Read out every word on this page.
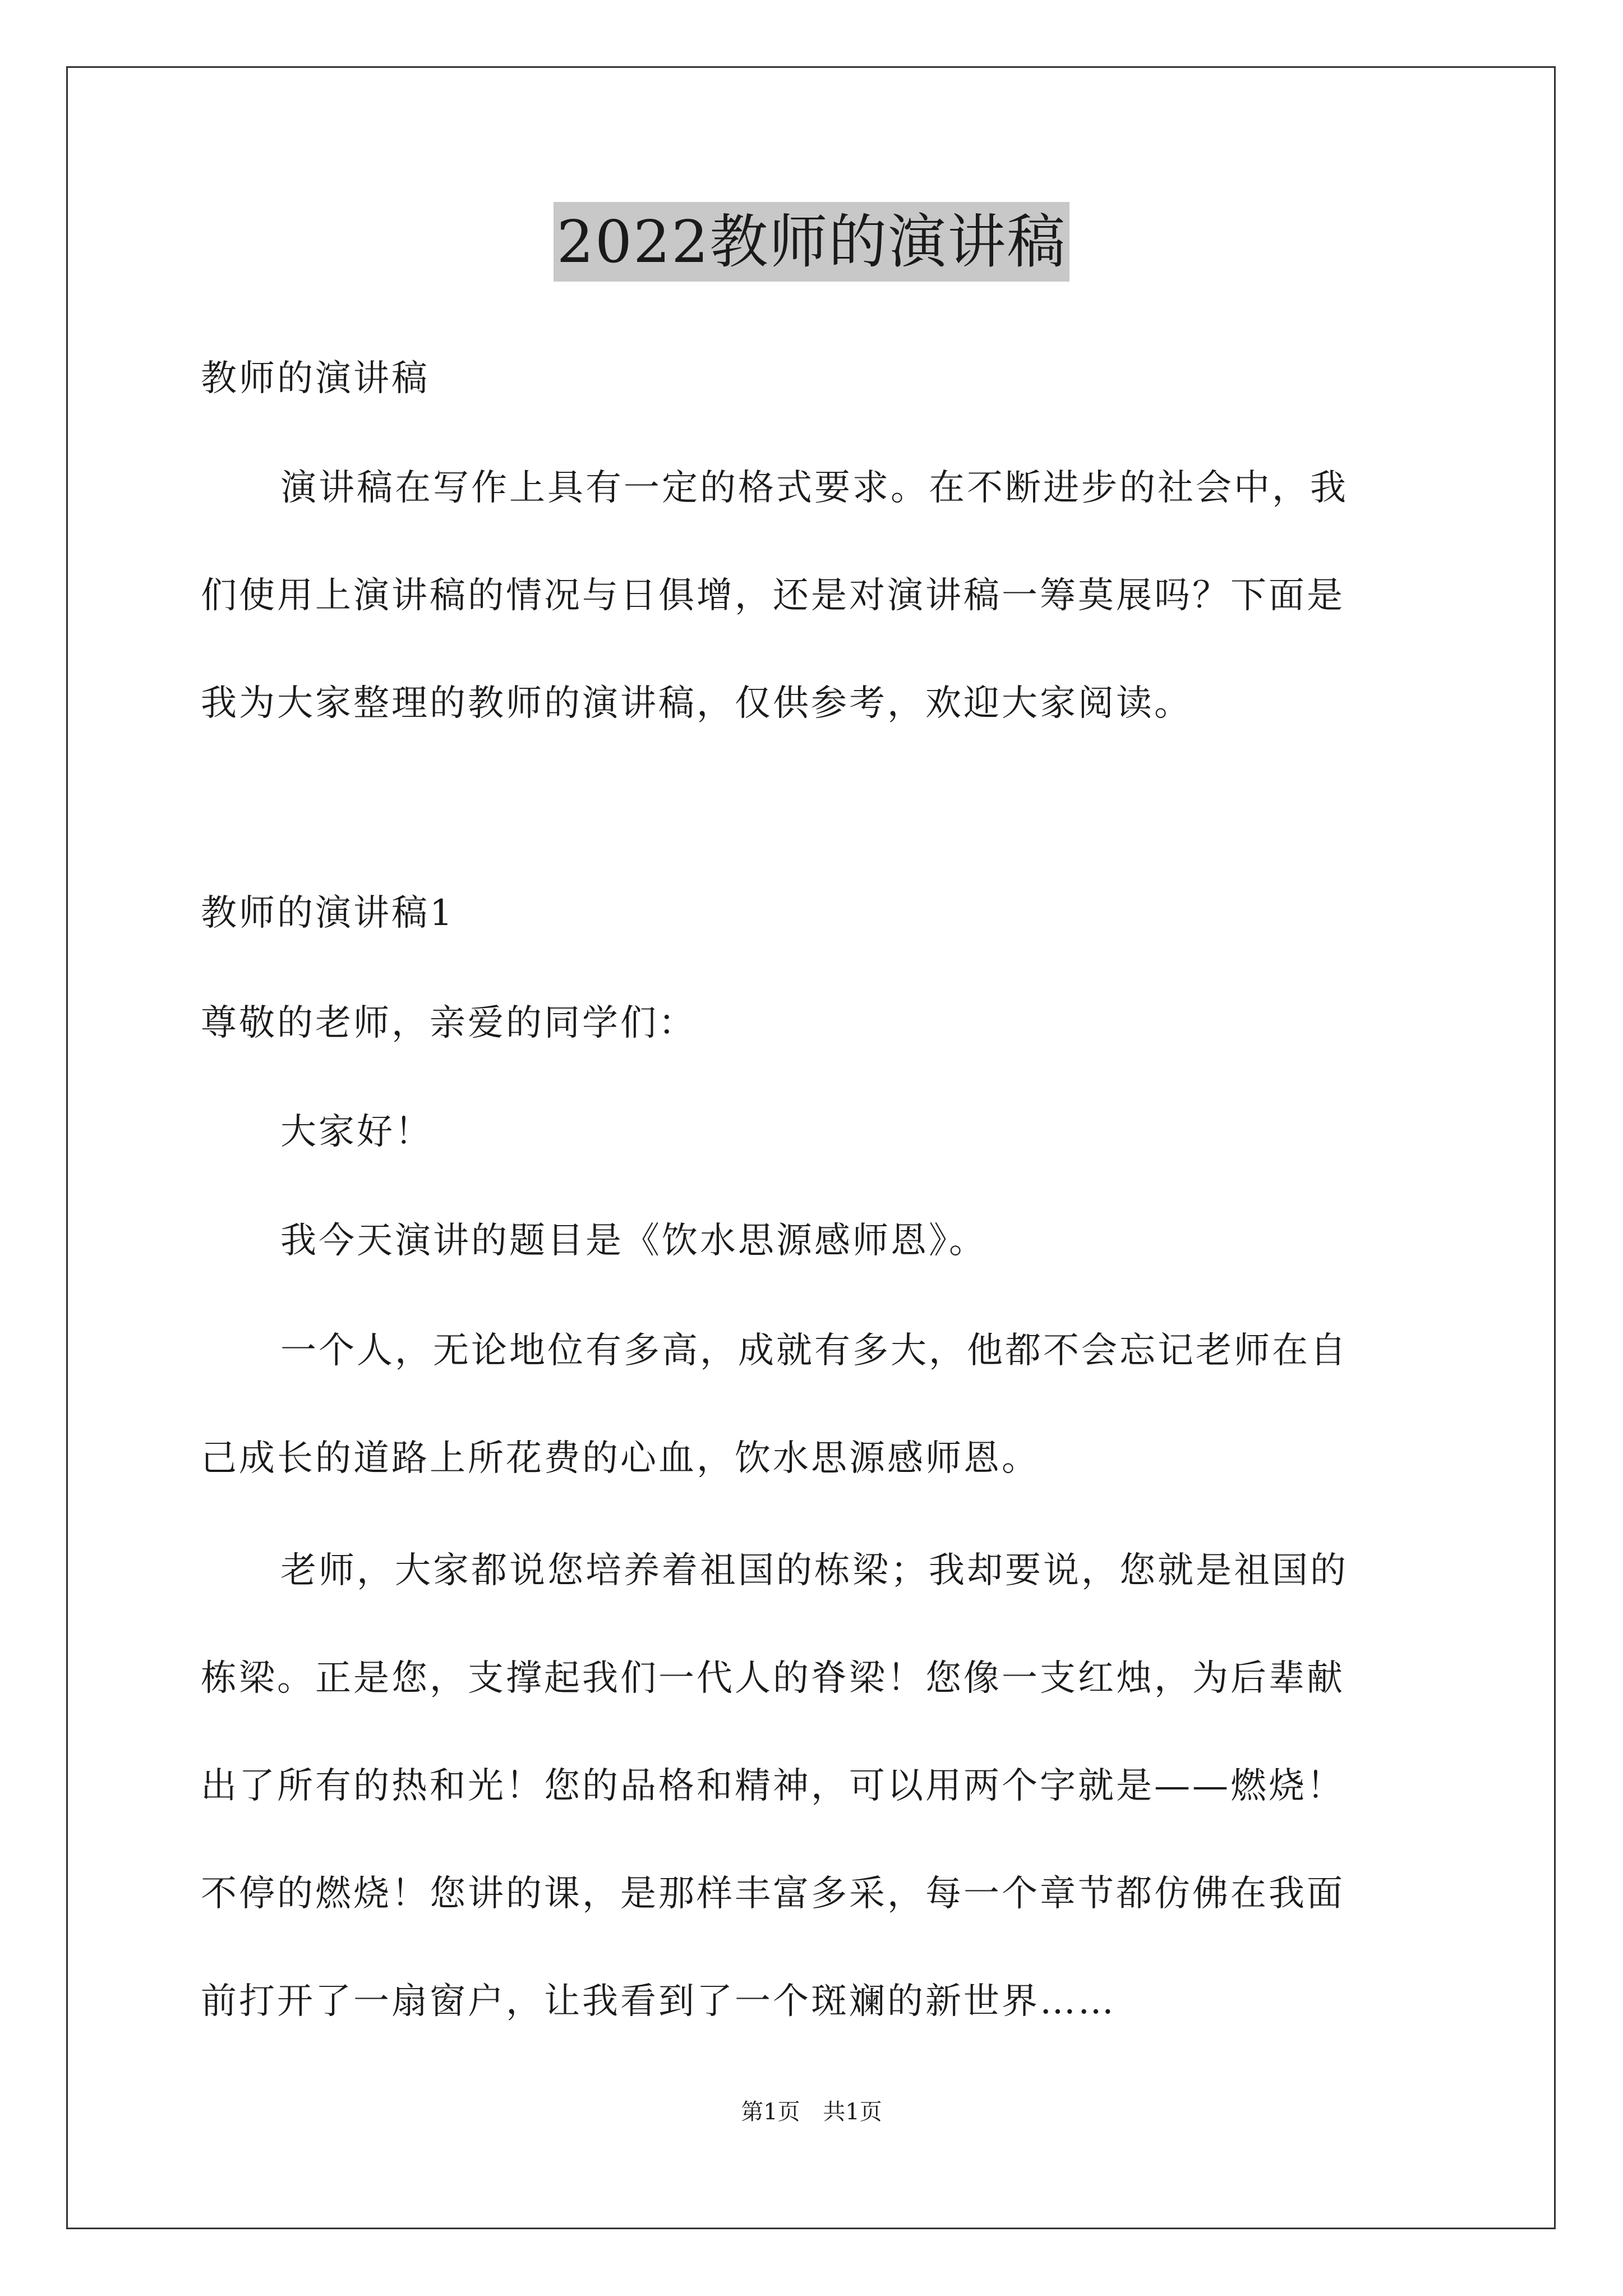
2022教师的演讲稿
教师的演讲稿
演讲稿在写作上具有一定的格式要求。在不断进步的社会中，我
们使用上演讲稿的情况与日俱增，还是对演讲稿一筹莫展吗？下面是
我为大家整理的教师的演讲稿，仅供参考，欢迎大家阅读。
教师的演讲稿1
尊敬的老师，亲爱的同学们：
大家好！
我今天演讲的题目是《饮水思源感师恩》。
一个人，无论地位有多高，成就有多大，他都不会忘记老师在自
己成长的道路上所花费的心血，饮水思源感师恩。
老师，大家都说您培养着祖国的栋梁；我却要说，您就是祖国的
栋梁。正是您，支撑起我们一代人的脊梁！您像一支红烛，为后辈献
出了所有的热和光！您的品格和精神，可以用两个字就是——燃烧！
不停的燃烧！您讲的课，是那样丰富多采，每一个章节都仿佛在我面
前打开了一扇窗户，让我看到了一个斑斓的新世界……
第1页 共1页
